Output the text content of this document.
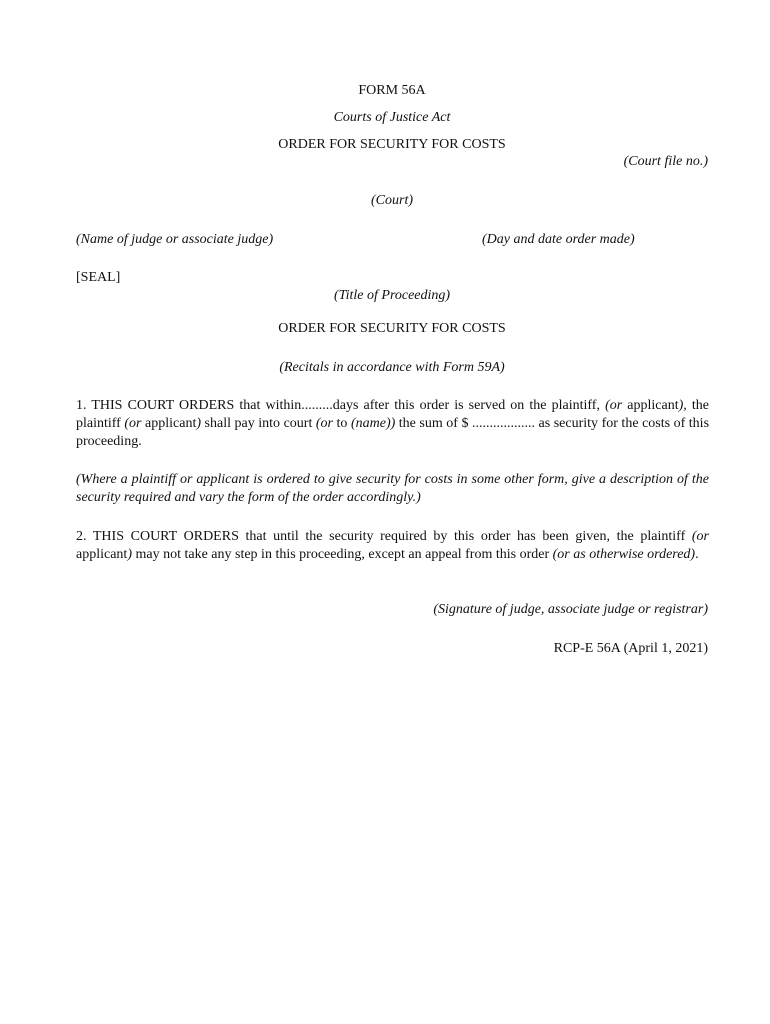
FORM 56A

Courts of Justice Act

ORDER FOR SECURITY FOR COSTS

(Court file no.)

(Court)

(Name of judge or associate judge)	(Day and date order made)

[SEAL]

(Title of Proceeding)

ORDER FOR SECURITY FOR COSTS

(Recitals in accordance with Form 59A)

1. THIS COURT ORDERS that within.........days after this order is served on the plaintiff, (or applicant), the plaintiff (or applicant) shall pay into court (or to (name)) the sum of $ .................. as security for the costs of this proceeding.

(Where a plaintiff or applicant is ordered to give security for costs in some other form, give a description of the security required and vary the form of the order accordingly.)

2. THIS COURT ORDERS that until the security required by this order has been given, the plaintiff (or applicant) may not take any step in this proceeding, except an appeal from this order (or as otherwise ordered).

(Signature of judge, associate judge or registrar)

RCP-E 56A (April 1, 2021)
